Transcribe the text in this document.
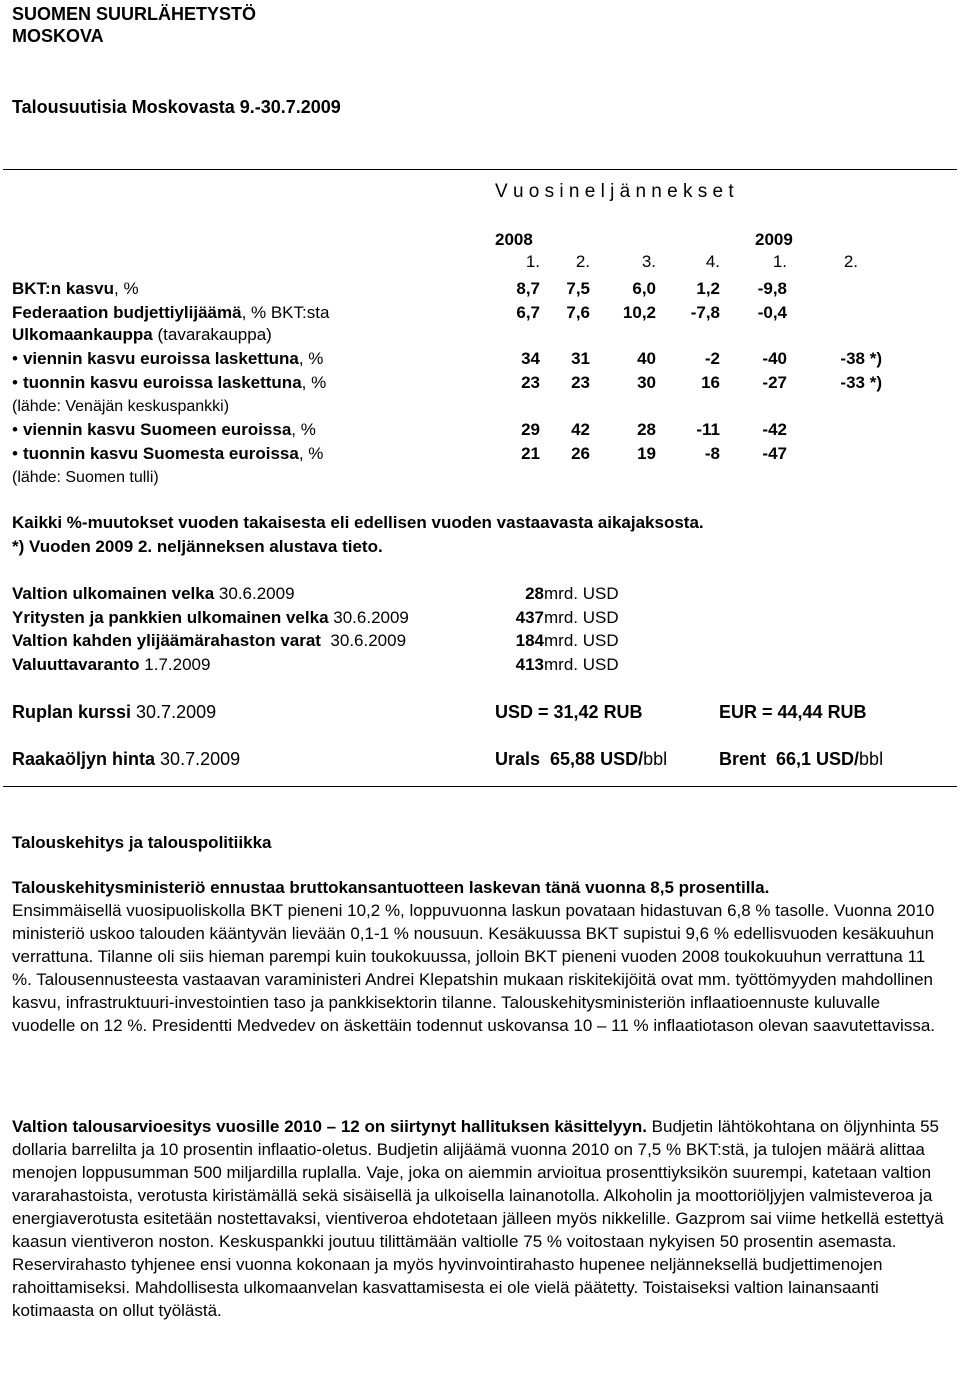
SUOMEN SUURLÄHETYSTÖ
MOSKOVA
Talousuutisia Moskovasta 9.-30.7.2009
V u o s i n e l j ä n n e k s e t
2008	2009
1.	2.	3.	4.	1.	2.
BKT:n kasvu, %	8,7	7,5	6,0	1,2	-9,8
Federaation budjettiylijäämä, % BKT:sta	6,7	7,6	10,2	-7,8	-0,4
Ulkomaankauppa (tavarakauppa)
• viennin kasvu euroissa laskettuna, %	34	31	40	-2	-40	-38 *)
• tuonnin kasvu euroissa laskettuna, %	23	23	30	16	-27	-33 *)
(lähde: Venäjän keskuspankki)
• viennin kasvu Suomeen euroissa, %	29	42	28	-11	-42
• tuonnin kasvu Suomesta euroissa, %	21	26	19	-8	-47
(lähde: Suomen tulli)
Kaikki %-muutokset vuoden takaisesta eli edellisen vuoden vastaavasta aikajaksosta.
*) Vuoden 2009 2. neljänneksen alustava tieto.
Valtion ulkomainen velka 30.6.2009	28 mrd. USD
Yritysten ja pankkien ulkomainen velka 30.6.2009	437 mrd. USD
Valtion kahden ylijäämärahaston varat  30.6.2009	184 mrd. USD
Valuuttavaranto 1.7.2009	413 mrd. USD
Ruplan kurssi 30.7.2009	USD = 31,42 RUB	EUR = 44,44 RUB
Raakaöljyn hinta 30.7.2009	Urals  65,88 USD/bbl	Brent  66,1 USD/bbl
Talouskehitys ja talouspolitiikka
Talouskehitysministeriö ennustaa bruttokansantuotteen laskevan tänä vuonna 8,5 prosentilla.
Ensimmäisellä vuosipuoliskolla BKT pieneni 10,2 %, loppuvuonna laskun povataan hidastuvan 6,8 % tasolle. Vuonna 2010 ministeriö uskoo talouden kääntyvän lievään 0,1-1 % nousuun. Kesäkuussa BKT supistui 9,6 % edellisvuoden kesäkuuhun verrattuna. Tilanne oli siis hieman parempi kuin toukokuussa, jolloin BKT pieneni vuoden 2008 toukokuuhun verrattuna 11 %. Talousennusteesta vastaavan varaministeri Andrei Klepatshin mukaan riskitekijöitä ovat mm. työttömyyden mahdollinen kasvu, infrastruktuuri-investointien taso ja pankkisektorin tilanne. Talouskehitysministeriön inflaatioennuste kuluvalle vuodelle on 12 %. Presidentti Medvedev on äskettäin todennut uskovansa 10 – 11 % inflaatiotason olevan saavutettavissa.
Valtion talousarvioesitys vuosille 2010 – 12 on siirtynyt hallituksen käsittelyyn. Budjetin lähtökohtana on öljynhinta 55 dollaria barrelilta ja 10 prosentin inflaatio-oletus. Budjetin alijäämä vuonna 2010 on 7,5 % BKT:stä, ja tulojen määrä alittaa menojen loppusumman 500 miljardilla ruplalla. Vaje, joka on aiemmin arvioitua prosenttiyksikön suurempi, katetaan valtion vararahastoista, verotusta kiristämällä sekä sisäisellä ja ulkoisella lainanotolla. Alkoholin ja moottoriöljyjen valmisteveroa ja energiaverotusta esitetään nostettavaksi, vientiveroa ehdotetaan jälleen myös nikkelille. Gazprom sai viime hetkellä estettyä kaasun vientiveron noston. Keskuspankki joutuu tilittämään valtiolle 75 % voitostaan nykyisen 50 prosentin asemasta. Reservirahasto tyhjenee ensi vuonna kokonaan ja myös hyvinvointirahasto hupenee neljänneksellä budjettimenojen rahoittamiseksi. Mahdollisesta ulkomaanvelan kasvattamisesta ei ole vielä päätetty. Toistaiseksi valtion lainansaanti kotimaasta on ollut työlästä.
